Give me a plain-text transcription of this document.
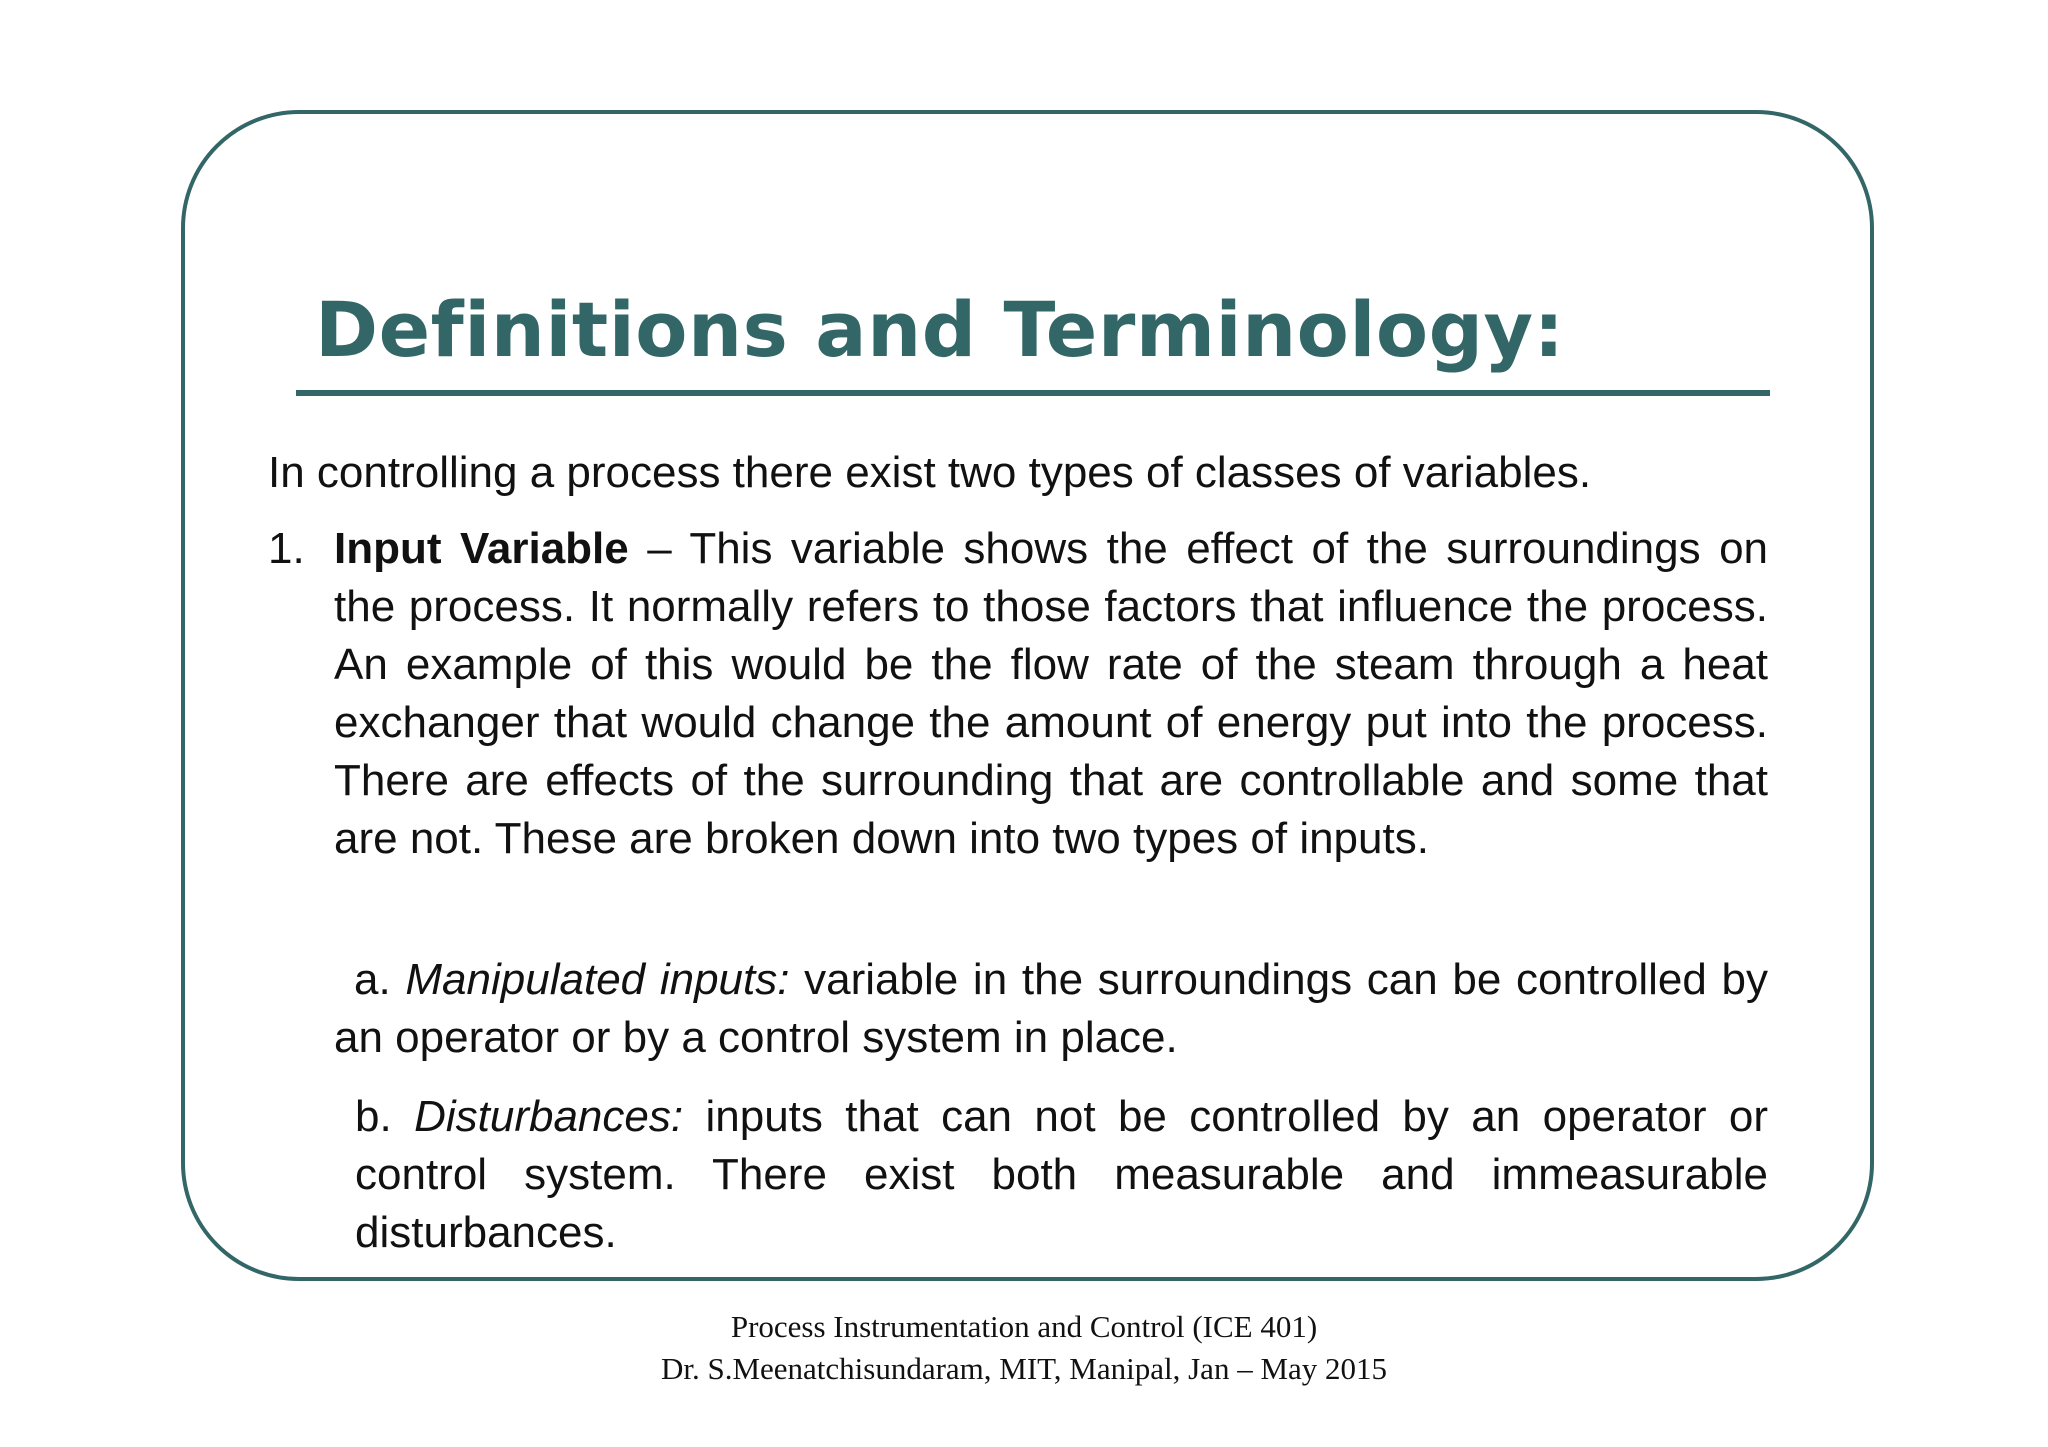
Definitions and Terminology:

In controlling a process there exist two types of classes of variables.

1. Input Variable – This variable shows the effect of the surroundings on the process. It normally refers to those factors that influence the process. An example of this would be the flow rate of the steam through a heat exchanger that would change the amount of energy put into the process. There are effects of the surrounding that are controllable and some that are not. These are broken down into two types of inputs.

a. Manipulated inputs: variable in the surroundings can be controlled by an operator or by a control system in place.

b. Disturbances: inputs that can not be controlled by an operator or control system. There exist both measurable and immeasurable disturbances.

Process Instrumentation and Control (ICE 401)

Dr. S.Meenatchisundaram, MIT, Manipal, Jan – May 2015
